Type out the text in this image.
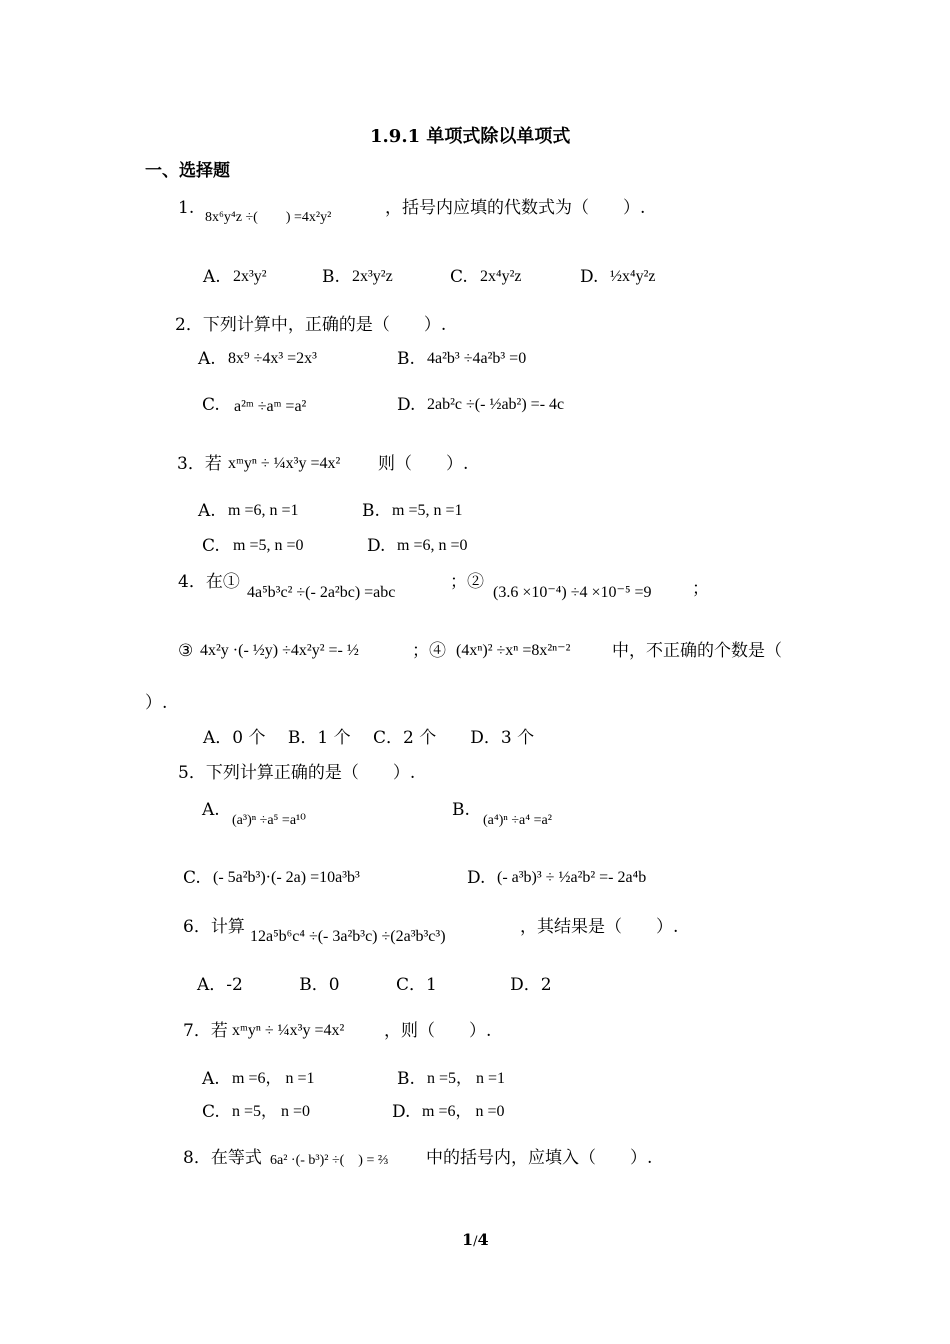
1.9.1 单项式除以单项式
一、选择题
1. 8x⁶y⁴z ÷(　　) =4x²y²	，括号内应填的代数式为（　　）.
A. 2x³y²	B. 2x³y²z	C. 2x⁴y²z	D. ½x⁴y²z
2．下列计算中，正确的是（　　）.
A. 8x⁹ ÷4x³ =2x³	B. 4a²b³ ÷4a²b³ =0
C. a²ᵐ ÷aᵐ =a²	D. 2ab²c ÷(- ½ab²) =- 4c
3．若 xᵐyⁿ ÷ ¼x³y =4x² 则（　　）.
A. m =6, n =1	B. m =5, n =1
C. m =5, n =0	D. m =6, n =0
4．在①
4a⁵b³c² ÷(- 2a²bc) =abc
；②
(3.6 ×10⁻⁴) ÷4 ×10⁻⁵ =9 ；
③ 4x²y ·(- ½y) ÷4x²y² =- ½	；④ (4xⁿ)² ÷xⁿ =8x²ⁿ⁻² 中，不正确的个数是（
）.
A．0 个　 B．1 个　 C．2 个　　D．3 个
5．下列计算正确的是（　　）.
A.
(a³)ⁿ ÷a⁵ =a¹⁰
B.
(a⁴)ⁿ ÷a⁴ =a²
C. (- 5a²b³)·(- 2a) =10a³b³	D. (- a³b)³ ÷ ½a²b² =- 2a⁴b
6．计算 12a⁵b⁶c⁴ ÷(- 3a²b³c) ÷(2a³b³c³)	，其结果是（　　）.
A．-2　　　 B．0　　　 C．1　　　　 D．2
7．若 xᵐyⁿ ÷ ¼x³y =4x² ，则（　　）.
A. m =6， n =1	B. n =5， n =1
C. n =5， n =0	D. m =6， n =0
8．在等式 6a² ·(- b³)² ÷(　) = ⅔ 中的括号内，应填入（　　）.
1/4
